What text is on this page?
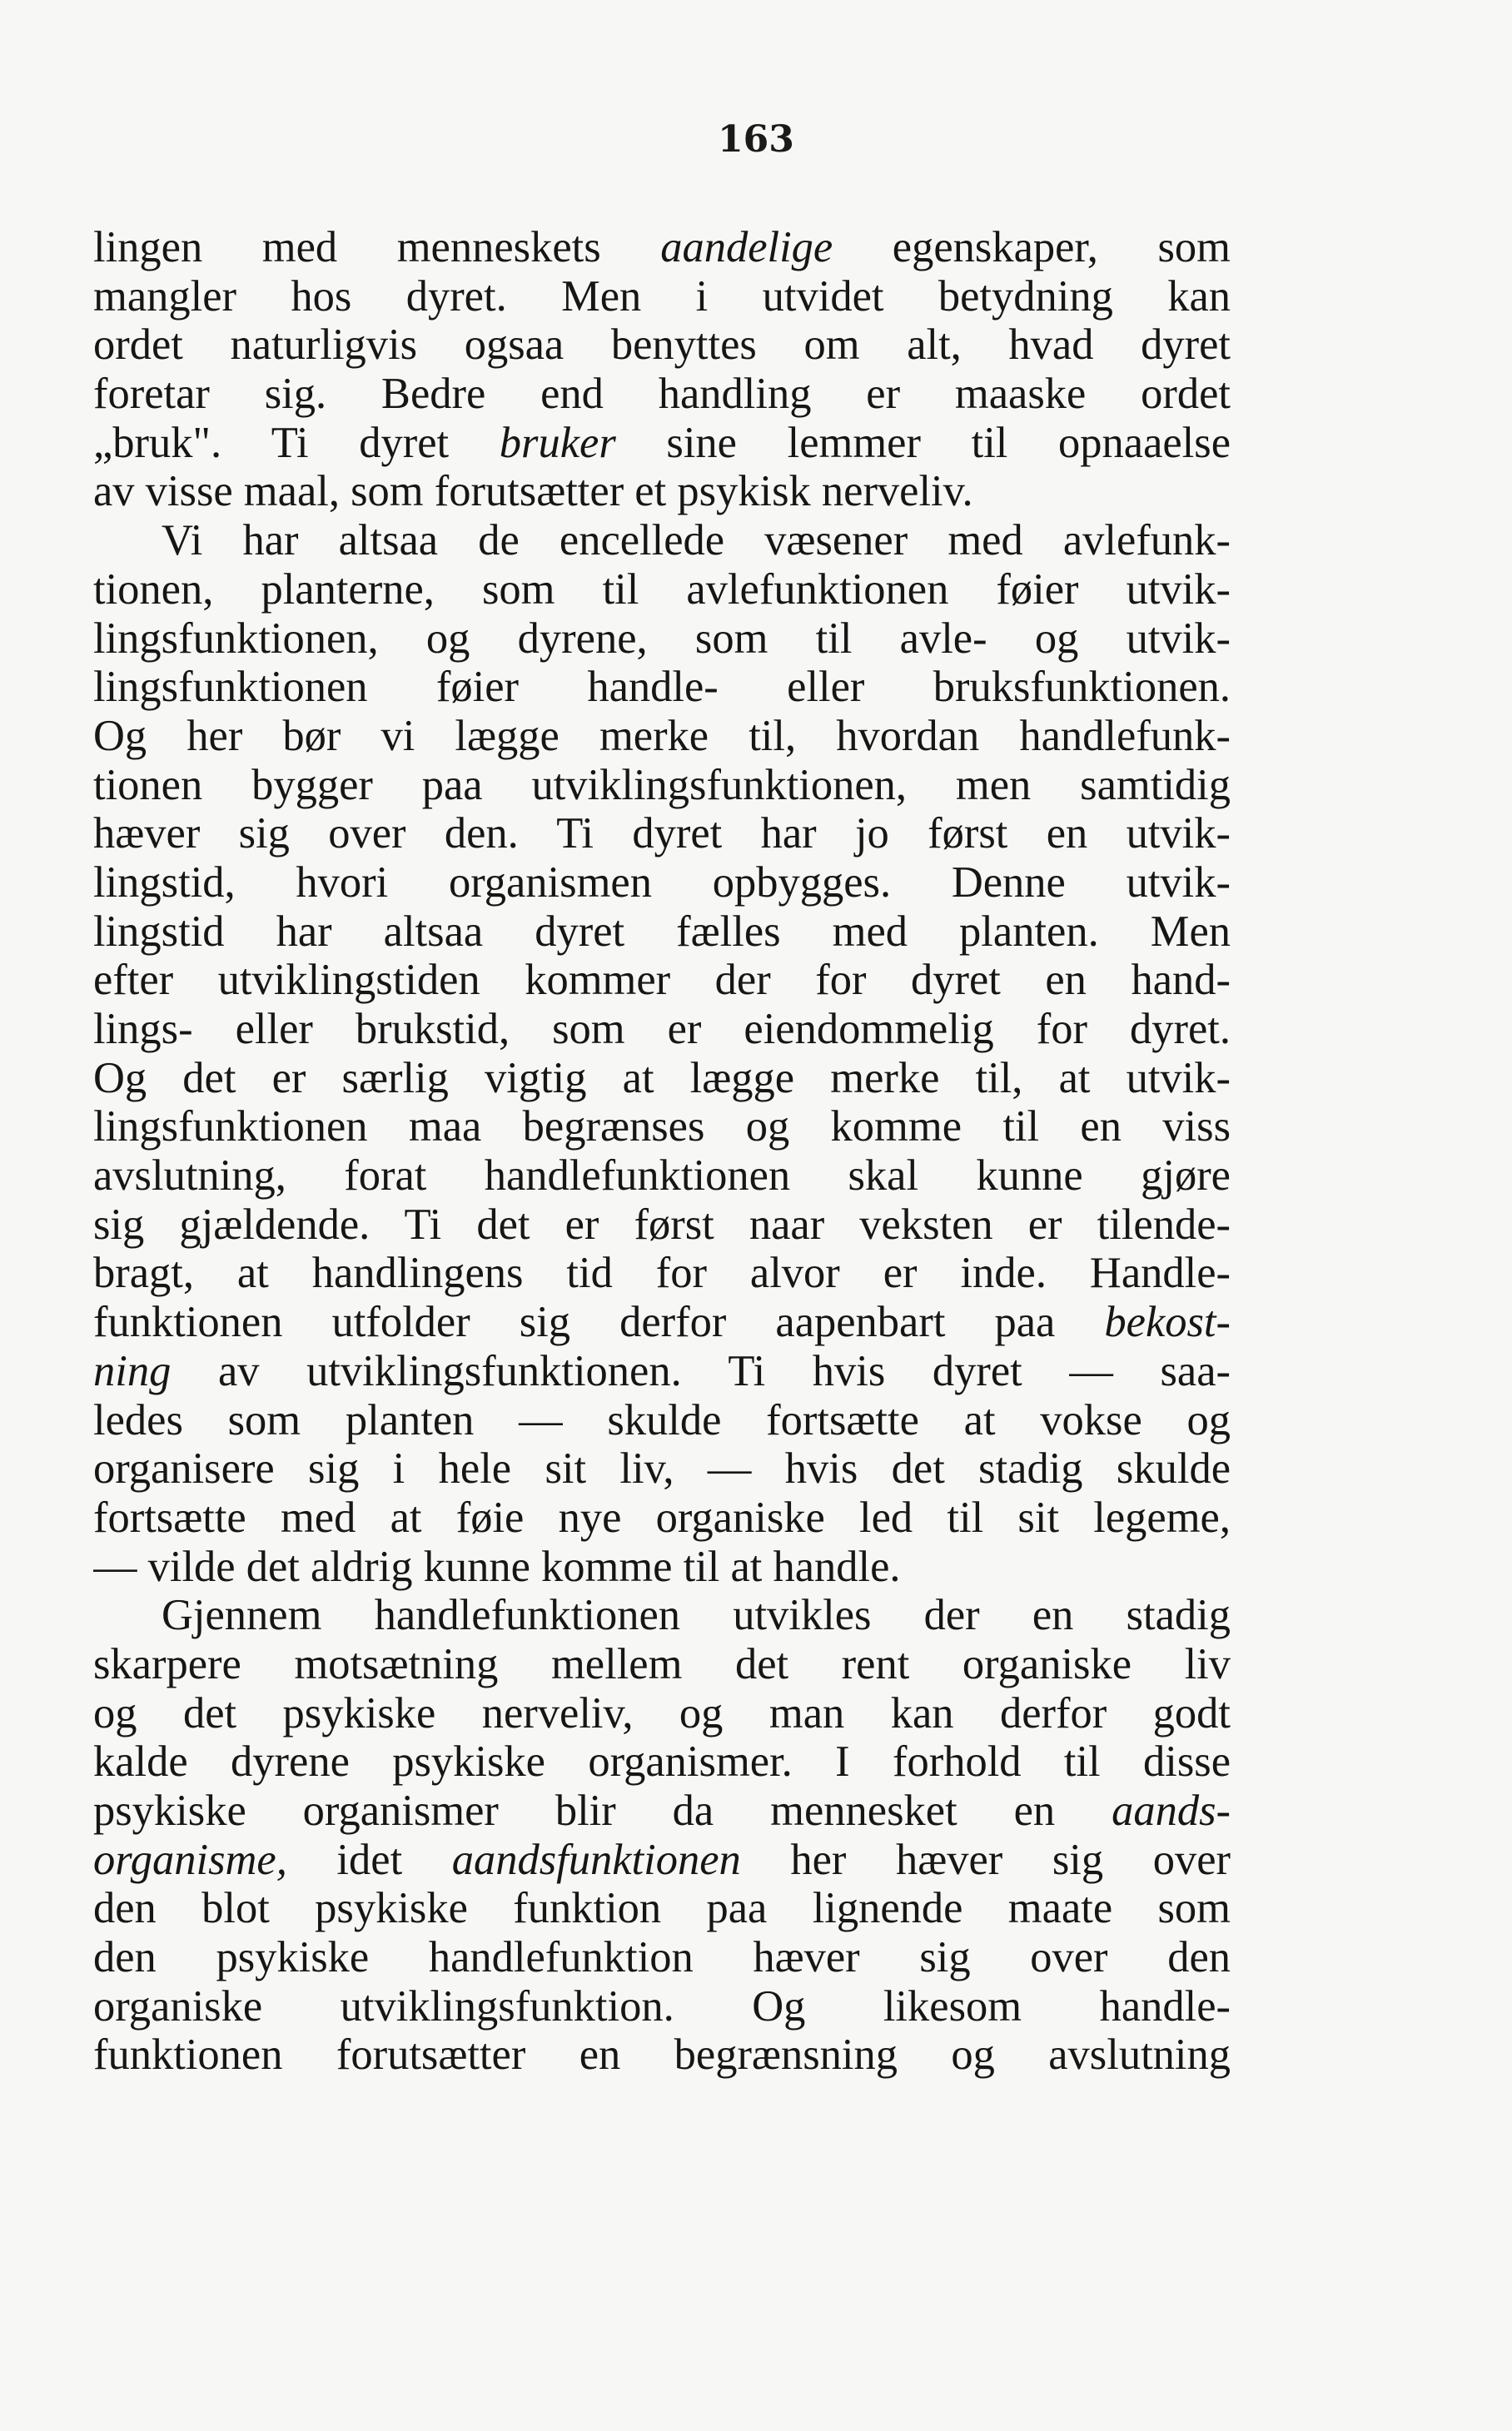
163
lingen med menneskets aandelige egenskaper, som
mangler hos dyret. Men i utvidet betydning kan
ordet naturligvis ogsaa benyttes om alt, hvad dyret
foretar sig. Bedre end handling er maaske ordet
„bruk". Ti dyret bruker sine lemmer til opnaaelse
av visse maal, som forutsætter et psykisk nerveliv.
Vi har altsaa de encellede væsener med avlefunk-
tionen, planterne, som til avlefunktionen føier utvik-
lingsfunktionen, og dyrene, som til avle- og utvik-
lingsfunktionen føier handle- eller bruksfunktionen.
Og her bør vi lægge merke til, hvordan handlefunk-
tionen bygger paa utviklingsfunktionen, men samtidig
hæver sig over den. Ti dyret har jo først en utvik-
lingstid, hvori organismen opbygges. Denne utvik-
lingstid har altsaa dyret fælles med planten. Men
efter utviklingstiden kommer der for dyret en hand-
lings- eller brukstid, som er eiendommelig for dyret.
Og det er særlig vigtig at lægge merke til, at utvik-
lingsfunktionen maa begrænses og komme til en viss
avslutning, forat handlefunktionen skal kunne gjøre
sig gjældende. Ti det er først naar veksten er tilende-
bragt, at handlingens tid for alvor er inde. Handle-
funktionen utfolder sig derfor aapenbart paa bekost-
ning av utviklingsfunktionen. Ti hvis dyret — saa-
ledes som planten — skulde fortsætte at vokse og
organisere sig i hele sit liv, — hvis det stadig skulde
fortsætte med at føie nye organiske led til sit legeme,
— vilde det aldrig kunne komme til at handle.
Gjennem handlefunktionen utvikles der en stadig
skarpere motsætning mellem det rent organiske liv
og det psykiske nerveliv, og man kan derfor godt
kalde dyrene psykiske organismer. I forhold til disse
psykiske organismer blir da mennesket en aands-
organisme, idet aandsfunktionen her hæver sig over
den blot psykiske funktion paa lignende maate som
den psykiske handlefunktion hæver sig over den
organiske utviklingsfunktion. Og likesom handle-
funktionen forutsætter en begrænsning og avslutning
